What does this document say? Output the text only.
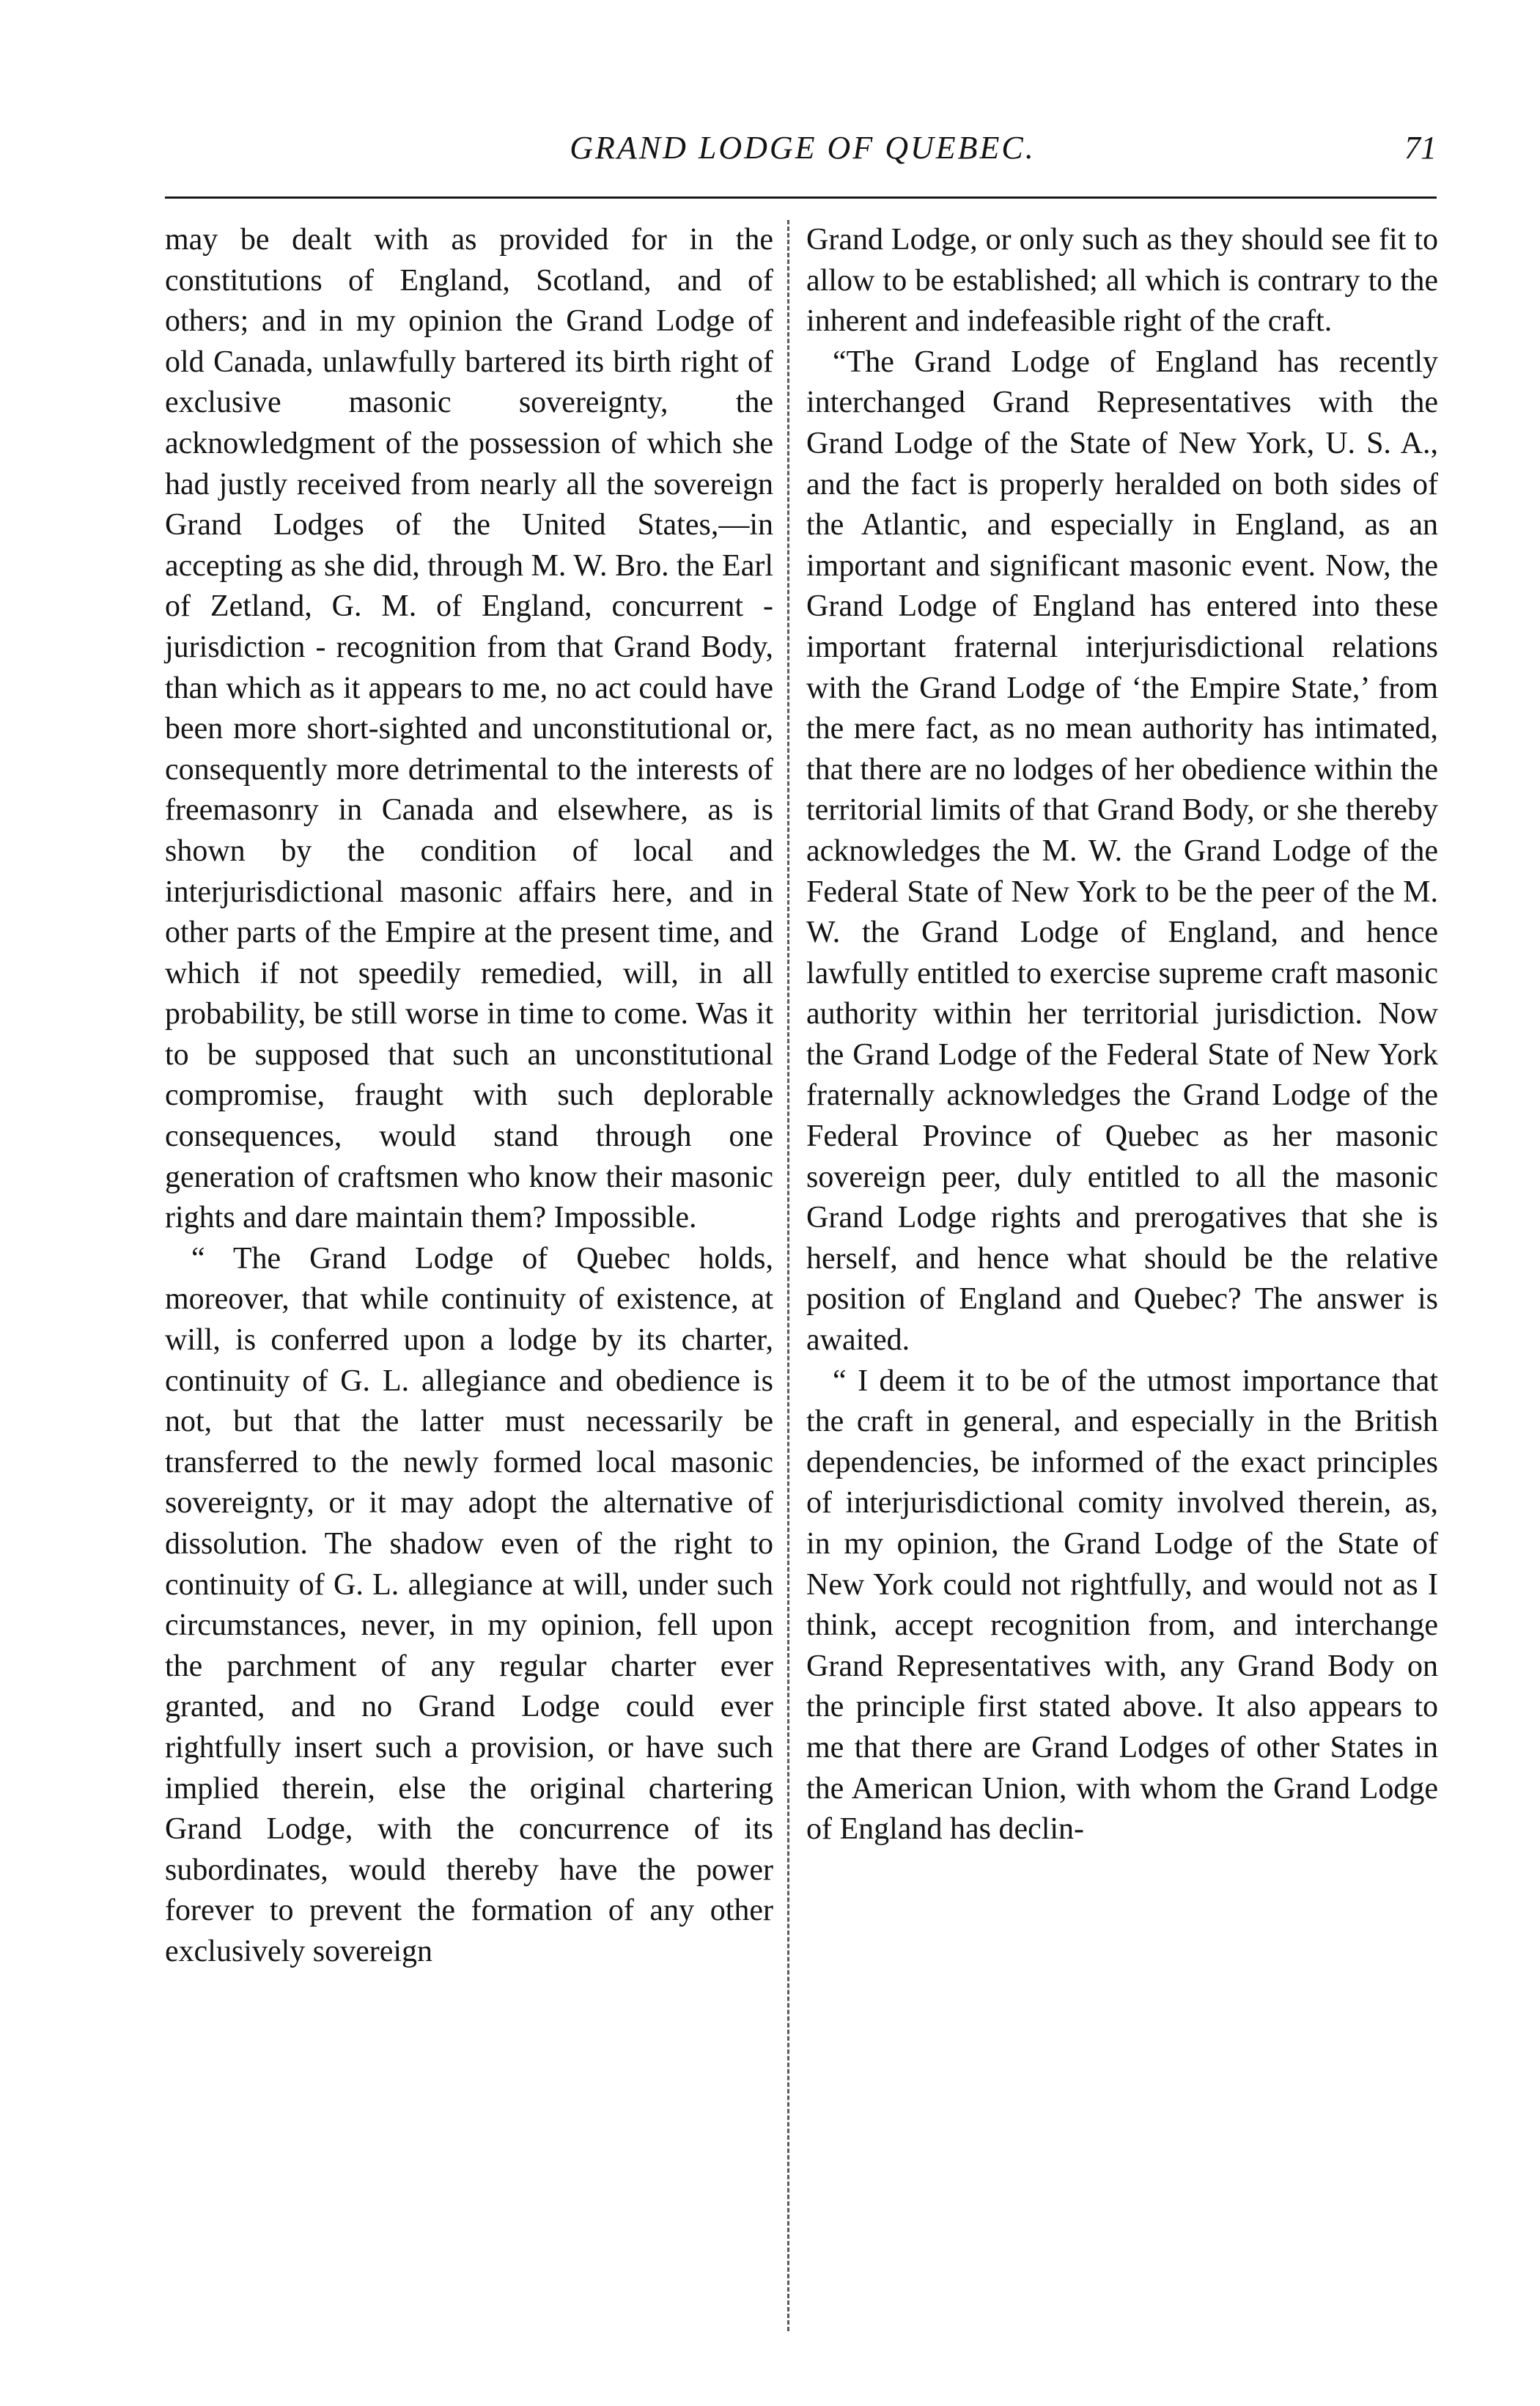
GRAND LODGE OF QUEBEC.	71

may be dealt with as provided for in the constitutions of England, Scotland, and of others; and in my opinion the Grand Lodge of old Canada, unlawfully bartered its birth right of exclusive masonic sovereignty, the acknowledgment of the possession of which she had justly received from nearly all the sovereign Grand Lodges of the United States,—in accepting as she did, through M. W. Bro. the Earl of Zetland, G. M. of England, concurrent - jurisdiction - recognition from that Grand Body, than which as it appears to me, no act could have been more short-sighted and unconstitutional or, consequently more detrimental to the interests of freemasonry in Canada and elsewhere, as is shown by the condition of local and interjurisdictional masonic affairs here, and in other parts of the Empire at the present time, and which if not speedily remedied, will, in all probability, be still worse in time to come. Was it to be supposed that such an unconstitutional compromise, fraught with such deplorable consequences, would stand through one generation of craftsmen who know their masonic rights and dare maintain them? Impossible.

“ The Grand Lodge of Quebec holds, moreover, that while continuity of existence, at will, is conferred upon a lodge by its charter, continuity of G. L. allegiance and obedience is not, but that the latter must necessarily be transferred to the newly formed local masonic sovereignty, or it may adopt the alternative of dissolution. The shadow even of the right to continuity of G. L. allegiance at will, under such circumstances, never, in my opinion, fell upon the parchment of any regular charter ever granted, and no Grand Lodge could ever rightfully insert such a provision, or have such implied therein, else the original chartering Grand Lodge, with the concurrence of its subordinates, would thereby have the power forever to prevent the formation of any other exclusively sovereign

Grand Lodge, or only such as they should see fit to allow to be established; all which is contrary to the inherent and indefeasible right of the craft.

“The Grand Lodge of England has recently interchanged Grand Representatives with the Grand Lodge of the State of New York, U. S. A., and the fact is properly heralded on both sides of the Atlantic, and especially in England, as an important and significant masonic event. Now, the Grand Lodge of England has entered into these important fraternal interjurisdictional relations with the Grand Lodge of ‘the Empire State,’ from the mere fact, as no mean authority has intimated, that there are no lodges of her obedience within the territorial limits of that Grand Body, or she thereby acknowledges the M. W. the Grand Lodge of the Federal State of New York to be the peer of the M. W. the Grand Lodge of England, and hence lawfully entitled to exercise supreme craft masonic authority within her territorial jurisdiction. Now the Grand Lodge of the Federal State of New York fraternally acknowledges the Grand Lodge of the Federal Province of Quebec as her masonic sovereign peer, duly entitled to all the masonic Grand Lodge rights and prerogatives that she is herself, and hence what should be the relative position of England and Quebec? The answer is awaited.

“ I deem it to be of the utmost importance that the craft in general, and especially in the British dependencies, be informed of the exact principles of interjurisdictional comity involved therein, as, in my opinion, the Grand Lodge of the State of New York could not rightfully, and would not as I think, accept recognition from, and interchange Grand Representatives with, any Grand Body on the principle first stated above. It also appears to me that there are Grand Lodges of other States in the American Union, with whom the Grand Lodge of England has declin-
